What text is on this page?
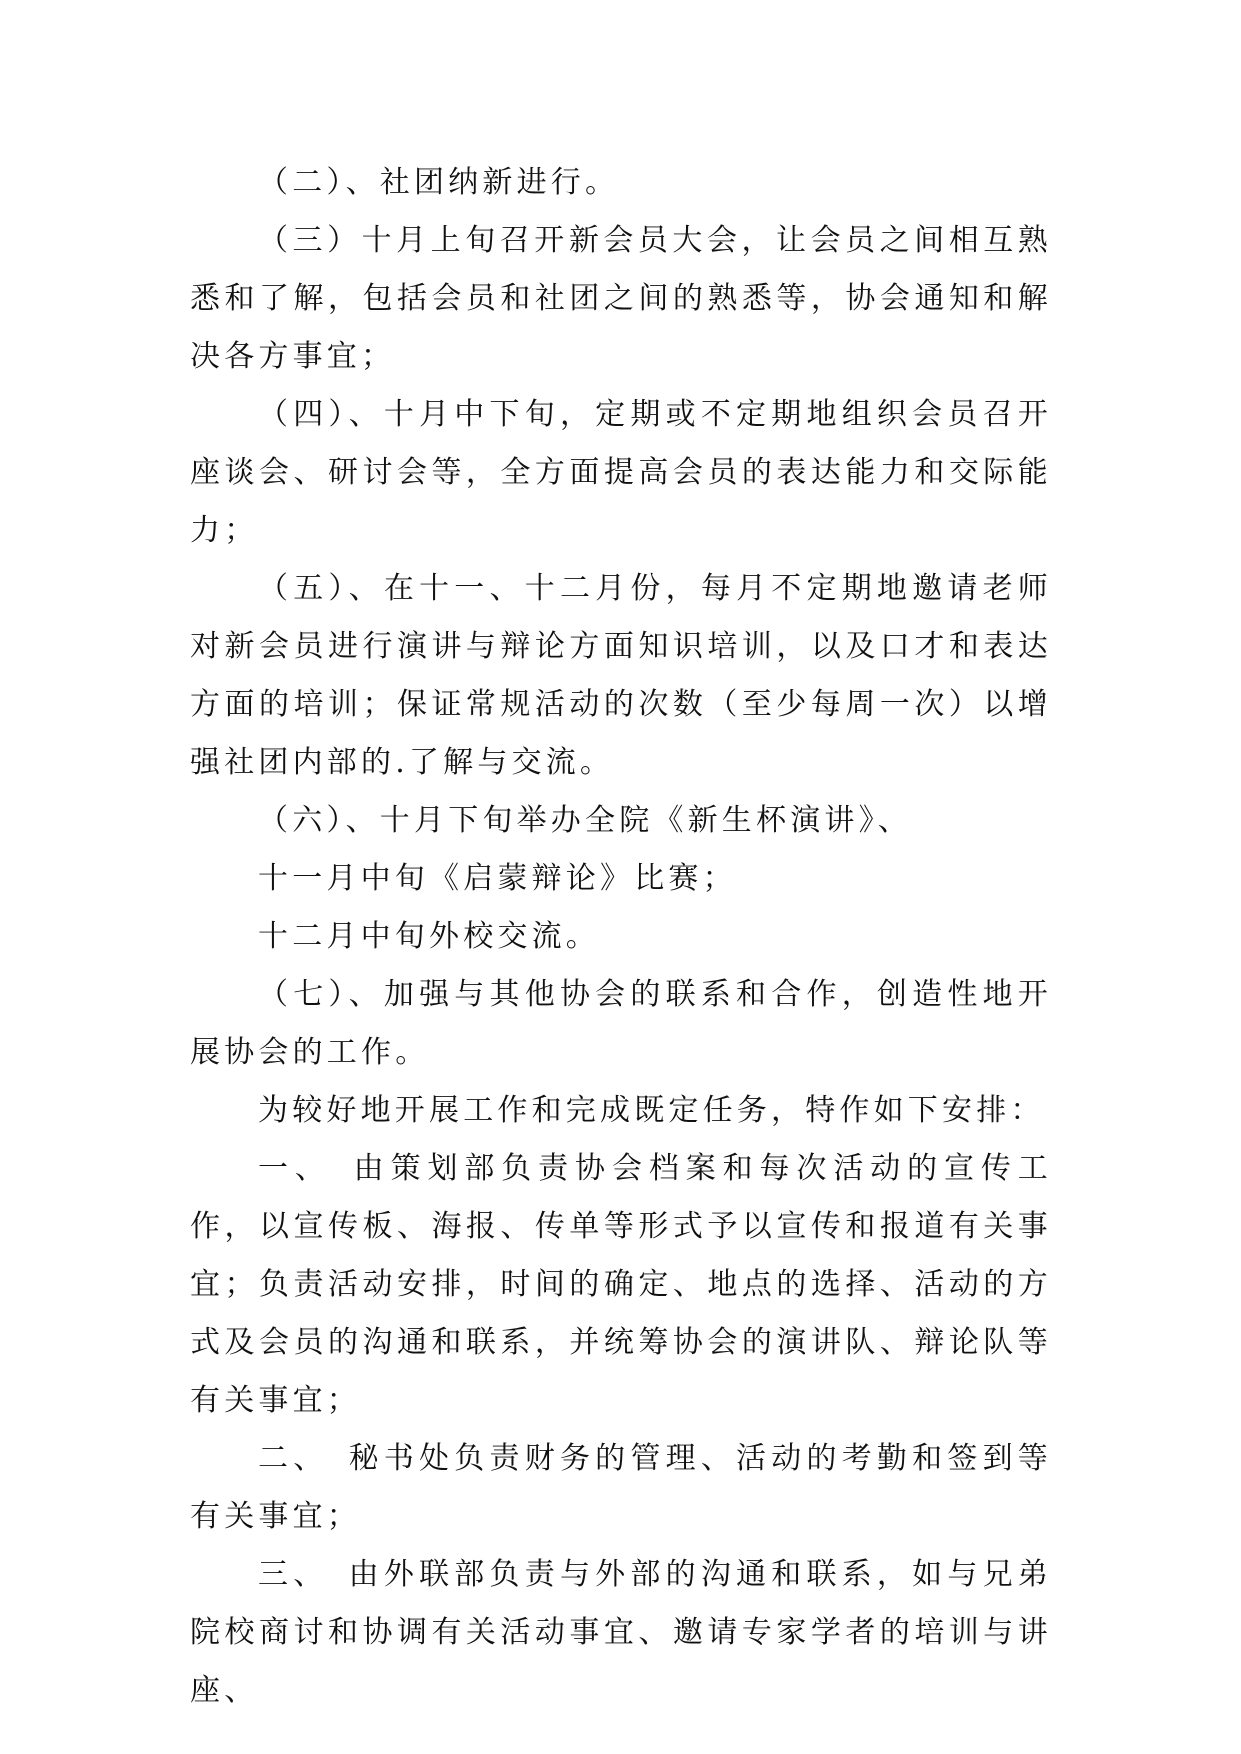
（二）、社团纳新进行。

（三）十月上旬召开新会员大会，让会员之间相互熟悉和了解，包括会员和社团之间的熟悉等，协会通知和解决各方事宜；

（四）、十月中下旬，定期或不定期地组织会员召开座谈会、研讨会等，全方面提高会员的表达能力和交际能力；

（五）、在十一、十二月份，每月不定期地邀请老师对新会员进行演讲与辩论方面知识培训，以及口才和表达方面的培训；保证常规活动的次数（至少每周一次）以增强社团内部的.了解与交流。

（六）、十月下旬举办全院《新生杯演讲》、

十一月中旬《启蒙辩论》比赛；

十二月中旬外校交流。

（七）、加强与其他协会的联系和合作，创造性地开展协会的工作。

为较好地开展工作和完成既定任务，特作如下安排：

一、　由策划部负责协会档案和每次活动的宣传工作，以宣传板、海报、传单等形式予以宣传和报道有关事宜；负责活动安排，时间的确定、地点的选择、活动的方式及会员的沟通和联系，并统筹协会的演讲队、辩论队等有关事宜；

二、　秘书处负责财务的管理、活动的考勤和签到等有关事宜；

三、　由外联部负责与外部的沟通和联系，如与兄弟院校商讨和协调有关活动事宜、邀请专家学者的培训与讲座、
